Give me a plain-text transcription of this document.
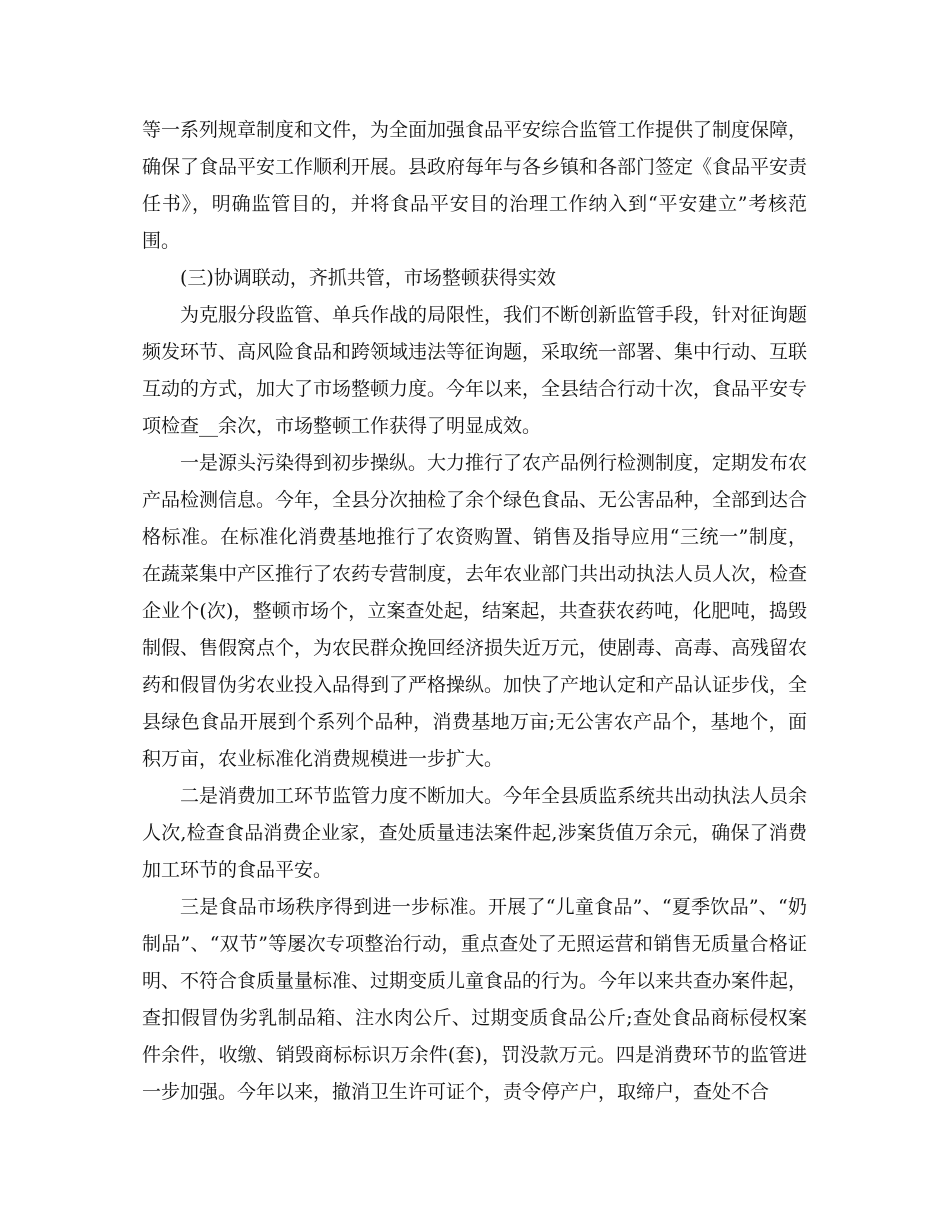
等一系列规章制度和文件，为全面加强食品平安综合监管工作提供了制度保障，确保了食品平安工作顺利开展。县政府每年与各乡镇和各部门签定《食品平安责任书》，明确监管目的，并将食品平安目的治理工作纳入到“平安建立”考核范围。

(三)协调联动，齐抓共管，市场整顿获得实效

为克服分段监管、单兵作战的局限性，我们不断创新监管手段，针对征询题频发环节、高风险食品和跨领域违法等征询题，采取统一部署、集中行动、互联互动的方式，加大了市场整顿力度。今年以来，全县结合行动十次，食品平安专项检查__余次，市场整顿工作获得了明显成效。

一是源头污染得到初步操纵。大力推行了农产品例行检测制度，定期发布农产品检测信息。今年，全县分次抽检了余个绿色食品、无公害品种，全部到达合格标准。在标准化消费基地推行了农资购置、销售及指导应用“三统一”制度，在蔬菜集中产区推行了农药专营制度，去年农业部门共出动执法人员人次，检查企业个(次)，整顿市场个，立案查处起，结案起，共查获农药吨，化肥吨，捣毁制假、售假窝点个，为农民群众挽回经济损失近万元，使剧毒、高毒、高残留农药和假冒伪劣农业投入品得到了严格操纵。加快了产地认定和产品认证步伐，全县绿色食品开展到个系列个品种，消费基地万亩;无公害农产品个，基地个，面积万亩，农业标准化消费规模进一步扩大。

二是消费加工环节监管力度不断加大。今年全县质监系统共出动执法人员余人次,检查食品消费企业家，查处质量违法案件起,涉案货值万余元，确保了消费加工环节的食品平安。

三是食品市场秩序得到进一步标准。开展了“儿童食品”、“夏季饮品”、“奶制品”、“双节”等屡次专项整治行动，重点查处了无照运营和销售无质量合格证明、不符合食质量量标准、过期变质儿童食品的行为。今年以来共查办案件起，查扣假冒伪劣乳制品箱、注水肉公斤、过期变质食品公斤;查处食品商标侵权案件余件，收缴、销毁商标标识万余件(套)，罚没款万元。四是消费环节的监管进一步加强。今年以来，撤消卫生许可证个，责令停产户，取缔户，查处不合
